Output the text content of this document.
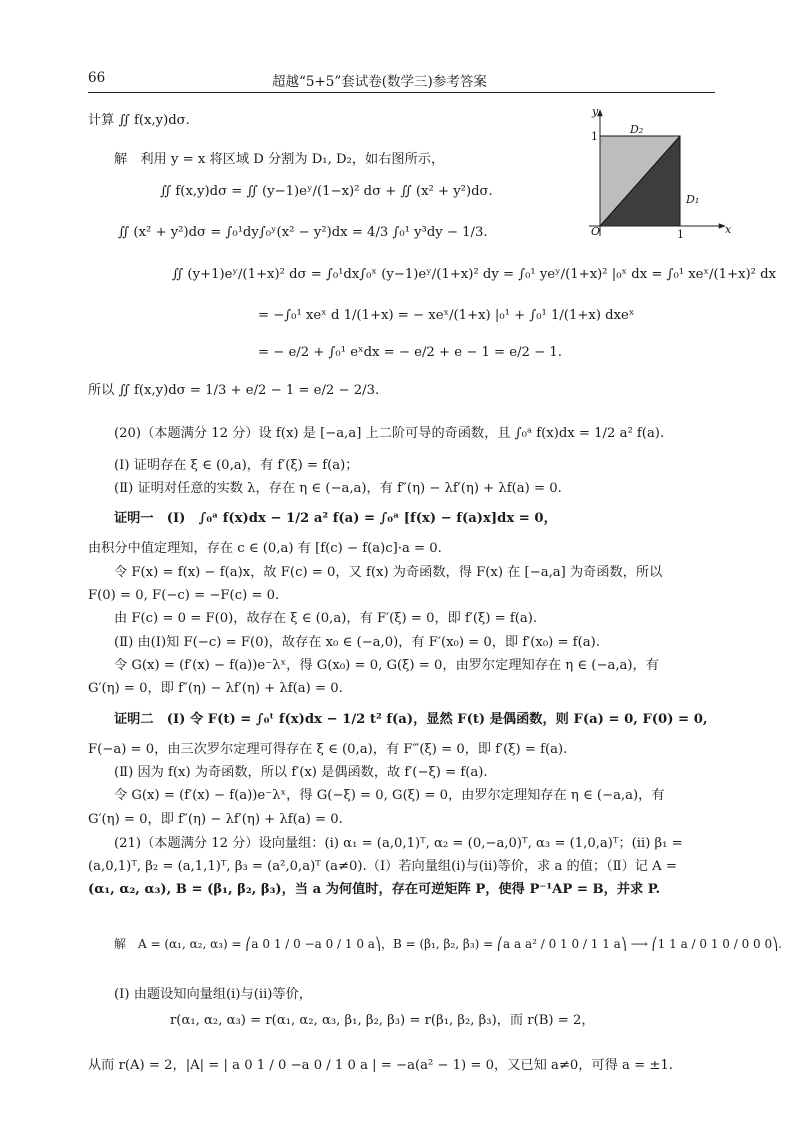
66	超越“5+5”套试卷(数学三)参考答案
y
x
1
1
O
D₂
D₁
计算 ∬ f(x,y)dσ.
解　利用 y = x 将区域 D 分割为 D₁, D₂，如右图所示，
∬ f(x,y)dσ = ∬ (y−1)eʸ/(1−x)² dσ + ∬ (x² + y²)dσ.
∬ (x² + y²)dσ = ∫₀¹dy∫₀ʸ(x² − y²)dx = 4/3 ∫₀¹ y³dy − 1/3.
∬ (y+1)eʸ/(1+x)² dσ = ∫₀¹dx∫₀ˣ (y−1)eʸ/(1+x)² dy = ∫₀¹ yeʸ/(1+x)² |₀ˣ dx = ∫₀¹ xeˣ/(1+x)² dx
= −∫₀¹ xeˣ d 1/(1+x) = − xeˣ/(1+x) |₀¹ + ∫₀¹ 1/(1+x) dxeˣ
= − e/2 + ∫₀¹ eˣdx = − e/2 + e − 1 = e/2 − 1.
所以 ∬ f(x,y)dσ = 1/3 + e/2 − 1 = e/2 − 2/3.
(20)（本题满分 12 分）设 f(x) 是 [−a,a] 上二阶可导的奇函数，且 ∫₀ᵃ f(x)dx = 1/2 a² f(a).
(Ⅰ) 证明存在 ξ ∈ (0,a)，有 f′(ξ) = f(a)；
(Ⅱ) 证明对任意的实数 λ，存在 η ∈ (−a,a)，有 f″(η) − λf′(η) + λf(a) = 0.
证明一　(Ⅰ)　∫₀ᵃ f(x)dx − 1/2 a² f(a) = ∫₀ᵃ [f(x) − f(a)x]dx = 0，
由积分中值定理知，存在 c ∈ (0,a) 有 [f(c) − f(a)c]·a = 0.
令 F(x) = f(x) − f(a)x，故 F(c) = 0，又 f(x) 为奇函数，得 F(x) 在 [−a,a] 为奇函数，所以
F(0) = 0, F(−c) = −F(c) = 0.
由 F(c) = 0 = F(0)，故存在 ξ ∈ (0,a)，有 F′(ξ) = 0，即 f′(ξ) = f(a).
(Ⅱ) 由(Ⅰ)知 F(−c) = F(0)，故存在 x₀ ∈ (−a,0)，有 F′(x₀) = 0，即 f′(x₀) = f(a).
令 G(x) = (f′(x) − f(a))e⁻λˣ，得 G(x₀) = 0, G(ξ) = 0，由罗尔定理知存在 η ∈ (−a,a)，有
G′(η) = 0，即 f″(η) − λf′(η) + λf(a) = 0.
证明二　(Ⅰ) 令 F(t) = ∫₀ᵗ f(x)dx − 1/2 t² f(a)，显然 F(t) 是偶函数，则 F(a) = 0, F(0) = 0,
F(−a) = 0，由三次罗尔定理可得存在 ξ ∈ (0,a)，有 F‴(ξ) = 0，即 f′(ξ) = f(a).
(Ⅱ) 因为 f(x) 为奇函数，所以 f′(x) 是偶函数，故 f′(−ξ) = f(a).
令 G(x) = (f′(x) − f(a))e⁻λˣ，得 G(−ξ) = 0, G(ξ) = 0，由罗尔定理知存在 η ∈ (−a,a)，有
G′(η) = 0，即 f″(η) − λf′(η) + λf(a) = 0.
(21)（本题满分 12 分）设向量组：(ⅰ) α₁ = (a,0,1)ᵀ, α₂ = (0,−a,0)ᵀ, α₃ = (1,0,a)ᵀ；(ⅱ) β₁ =
(a,0,1)ᵀ, β₂ = (a,1,1)ᵀ, β₃ = (a²,0,a)ᵀ (a≠0).（Ⅰ）若向量组(ⅰ)与(ⅱ)等价，求 a 的值；（Ⅱ）记 A =
(α₁, α₂, α₃), B = (β₁, β₂, β₃)，当 a 为何值时，存在可逆矩阵 P，使得 P⁻¹AP = B，并求 P.
解　A = (α₁, α₂, α₃) = ⎛a 0 1 / 0 −a 0 / 1 0 a⎞，B = (β₁, β₂, β₃) = ⎛a a a² / 0 1 0 / 1 1 a⎞ ⟶ ⎛1 1 a / 0 1 0 / 0 0 0⎞.
(Ⅰ) 由题设知向量组(ⅰ)与(ⅱ)等价，
r(α₁, α₂, α₃) = r(α₁, α₂, α₃, β₁, β₂, β₃) = r(β₁, β₂, β₃)，而 r(B) = 2，
从而 r(A) = 2，|A| = | a 0 1 / 0 −a 0 / 1 0 a | = −a(a² − 1) = 0，又已知 a≠0，可得 a = ±1.
